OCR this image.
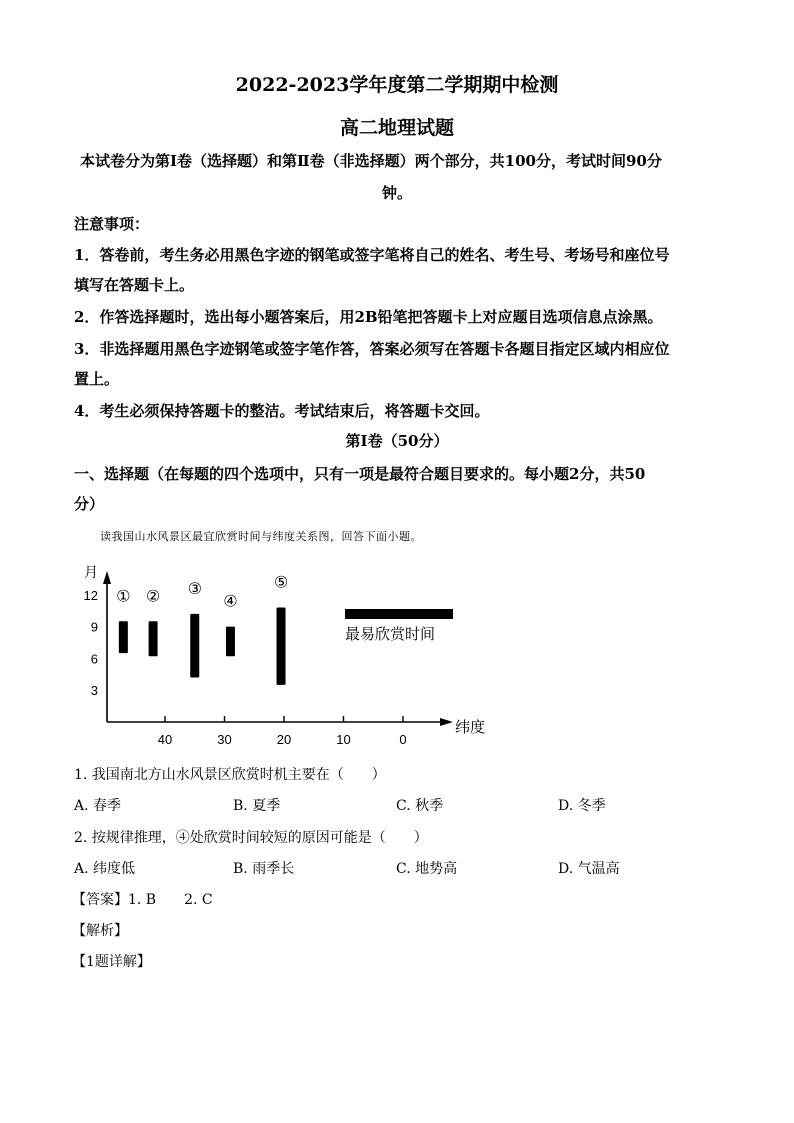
2022-2023学年度第二学期期中检测
高二地理试题
本试卷分为第Ⅰ卷（选择题）和第Ⅱ卷（非选择题）两个部分，共100分，考试时间90分
钟。
注意事项：
1．答卷前，考生务必用黑色字迹的钢笔或签字笔将自己的姓名、考生号、考场号和座位号
填写在答题卡上。
2．作答选择题时，选出每小题答案后，用2B铅笔把答题卡上对应题目选项信息点涂黑。
3．非选择题用黑色字迹钢笔或签字笔作答，答案必须写在答题卡各题目指定区域内相应位
置上。
4．考生必须保持答题卡的整洁。考试结束后，将答题卡交回。
第Ⅰ卷（50分）
一、选择题（在每题的四个选项中，只有一项是最符合题目要求的。每小题2分，共50
分）
读我国山水风景区最宜欣赏时间与纬度关系图，回答下面小题。
月
纬度
12
9
6
3
40	30	20	10	0
① ② ③
④
⑤
最易欣赏时间
1. 我国南北方山水风景区欣赏时机主要在（　　）
A. 春季	B. 夏季	C. 秋季	D. 冬季
2. 按规律推理，④处欣赏时间较短的原因可能是（　　）
A. 纬度低	B. 雨季长	C. 地势高	D. 气温高
【答案】1. B　　2. C
【解析】
【1题详解】
